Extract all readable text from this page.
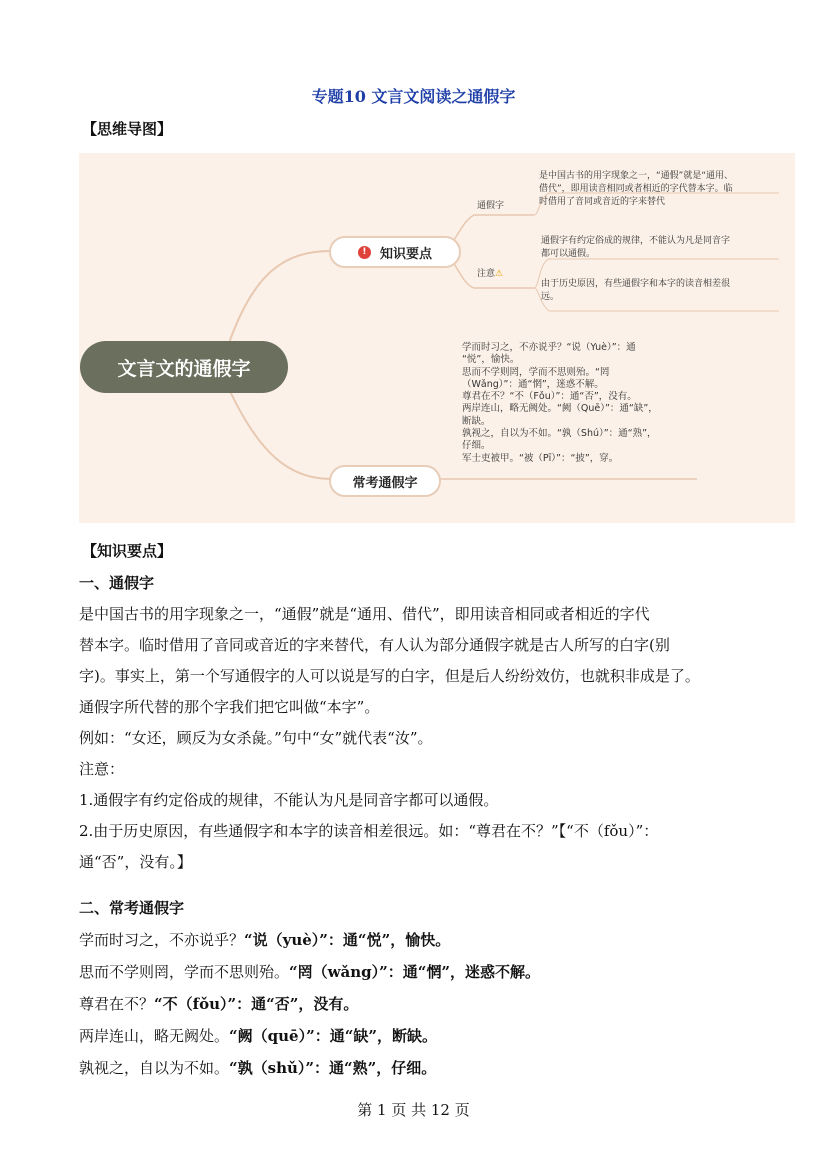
专题10 文言文阅读之通假字
【思维导图】
文言文的通假字
!	知识要点
常考通假字
通假字
注意⚠
是中国古书的用字现象之一，“通假”就是“通用、
借代”，即用读音相同或者相近的字代替本字。临
时借用了音同或音近的字来替代
通假字有约定俗成的规律，不能认为凡是同音字
都可以通假。
由于历史原因，有些通假字和本字的读音相差很
远。
学而时习之，不亦说乎？“说（Yuè）”：通
“悦”，愉快。
思而不学则罔，学而不思则殆。“罔
（Wǎng）”：通“惘”，迷惑不解。
尊君在不？“不（Fǒu）”：通“否”，没有。
两岸连山，略无阙处。“阙（Quē）”：通“缺”，
断缺。
孰视之，自以为不如。“孰（Shú）”：通“熟”，
仔细。
军士吏被甲。“被（Pī）”：“披”，穿。
【知识要点】
一、通假字
是中国古书的用字现象之一，“通假”就是“通用、借代”，即用读音相同或者相近的字代
替本字。临时借用了音同或音近的字来替代，有人认为部分通假字就是古人所写的白字(别
字)。事实上，第一个写通假字的人可以说是写的白字，但是后人纷纷效仿，也就积非成是了。
通假字所代替的那个字我们把它叫做“本字”。
例如：“女还，顾反为女杀彘。”句中“女”就代表“汝”。
注意：
1.通假字有约定俗成的规律，不能认为凡是同音字都可以通假。
2.由于历史原因，有些通假字和本字的读音相差很远。如：“尊君在不？”【“不（fǒu）”：
通“否”，没有。】
二、常考通假字
学而时习之，不亦说乎？“说（yuè）”：通“悦”，愉快。
思而不学则罔，学而不思则殆。“罔（wǎng）”：通“惘”，迷惑不解。
尊君在不？“不（fǒu）”：通“否”，没有。
两岸连山，略无阙处。“阙（quē）”：通“缺”，断缺。
孰视之，自以为不如。“孰（shǔ）”：通“熟”，仔细。
第 1 页 共 12 页
